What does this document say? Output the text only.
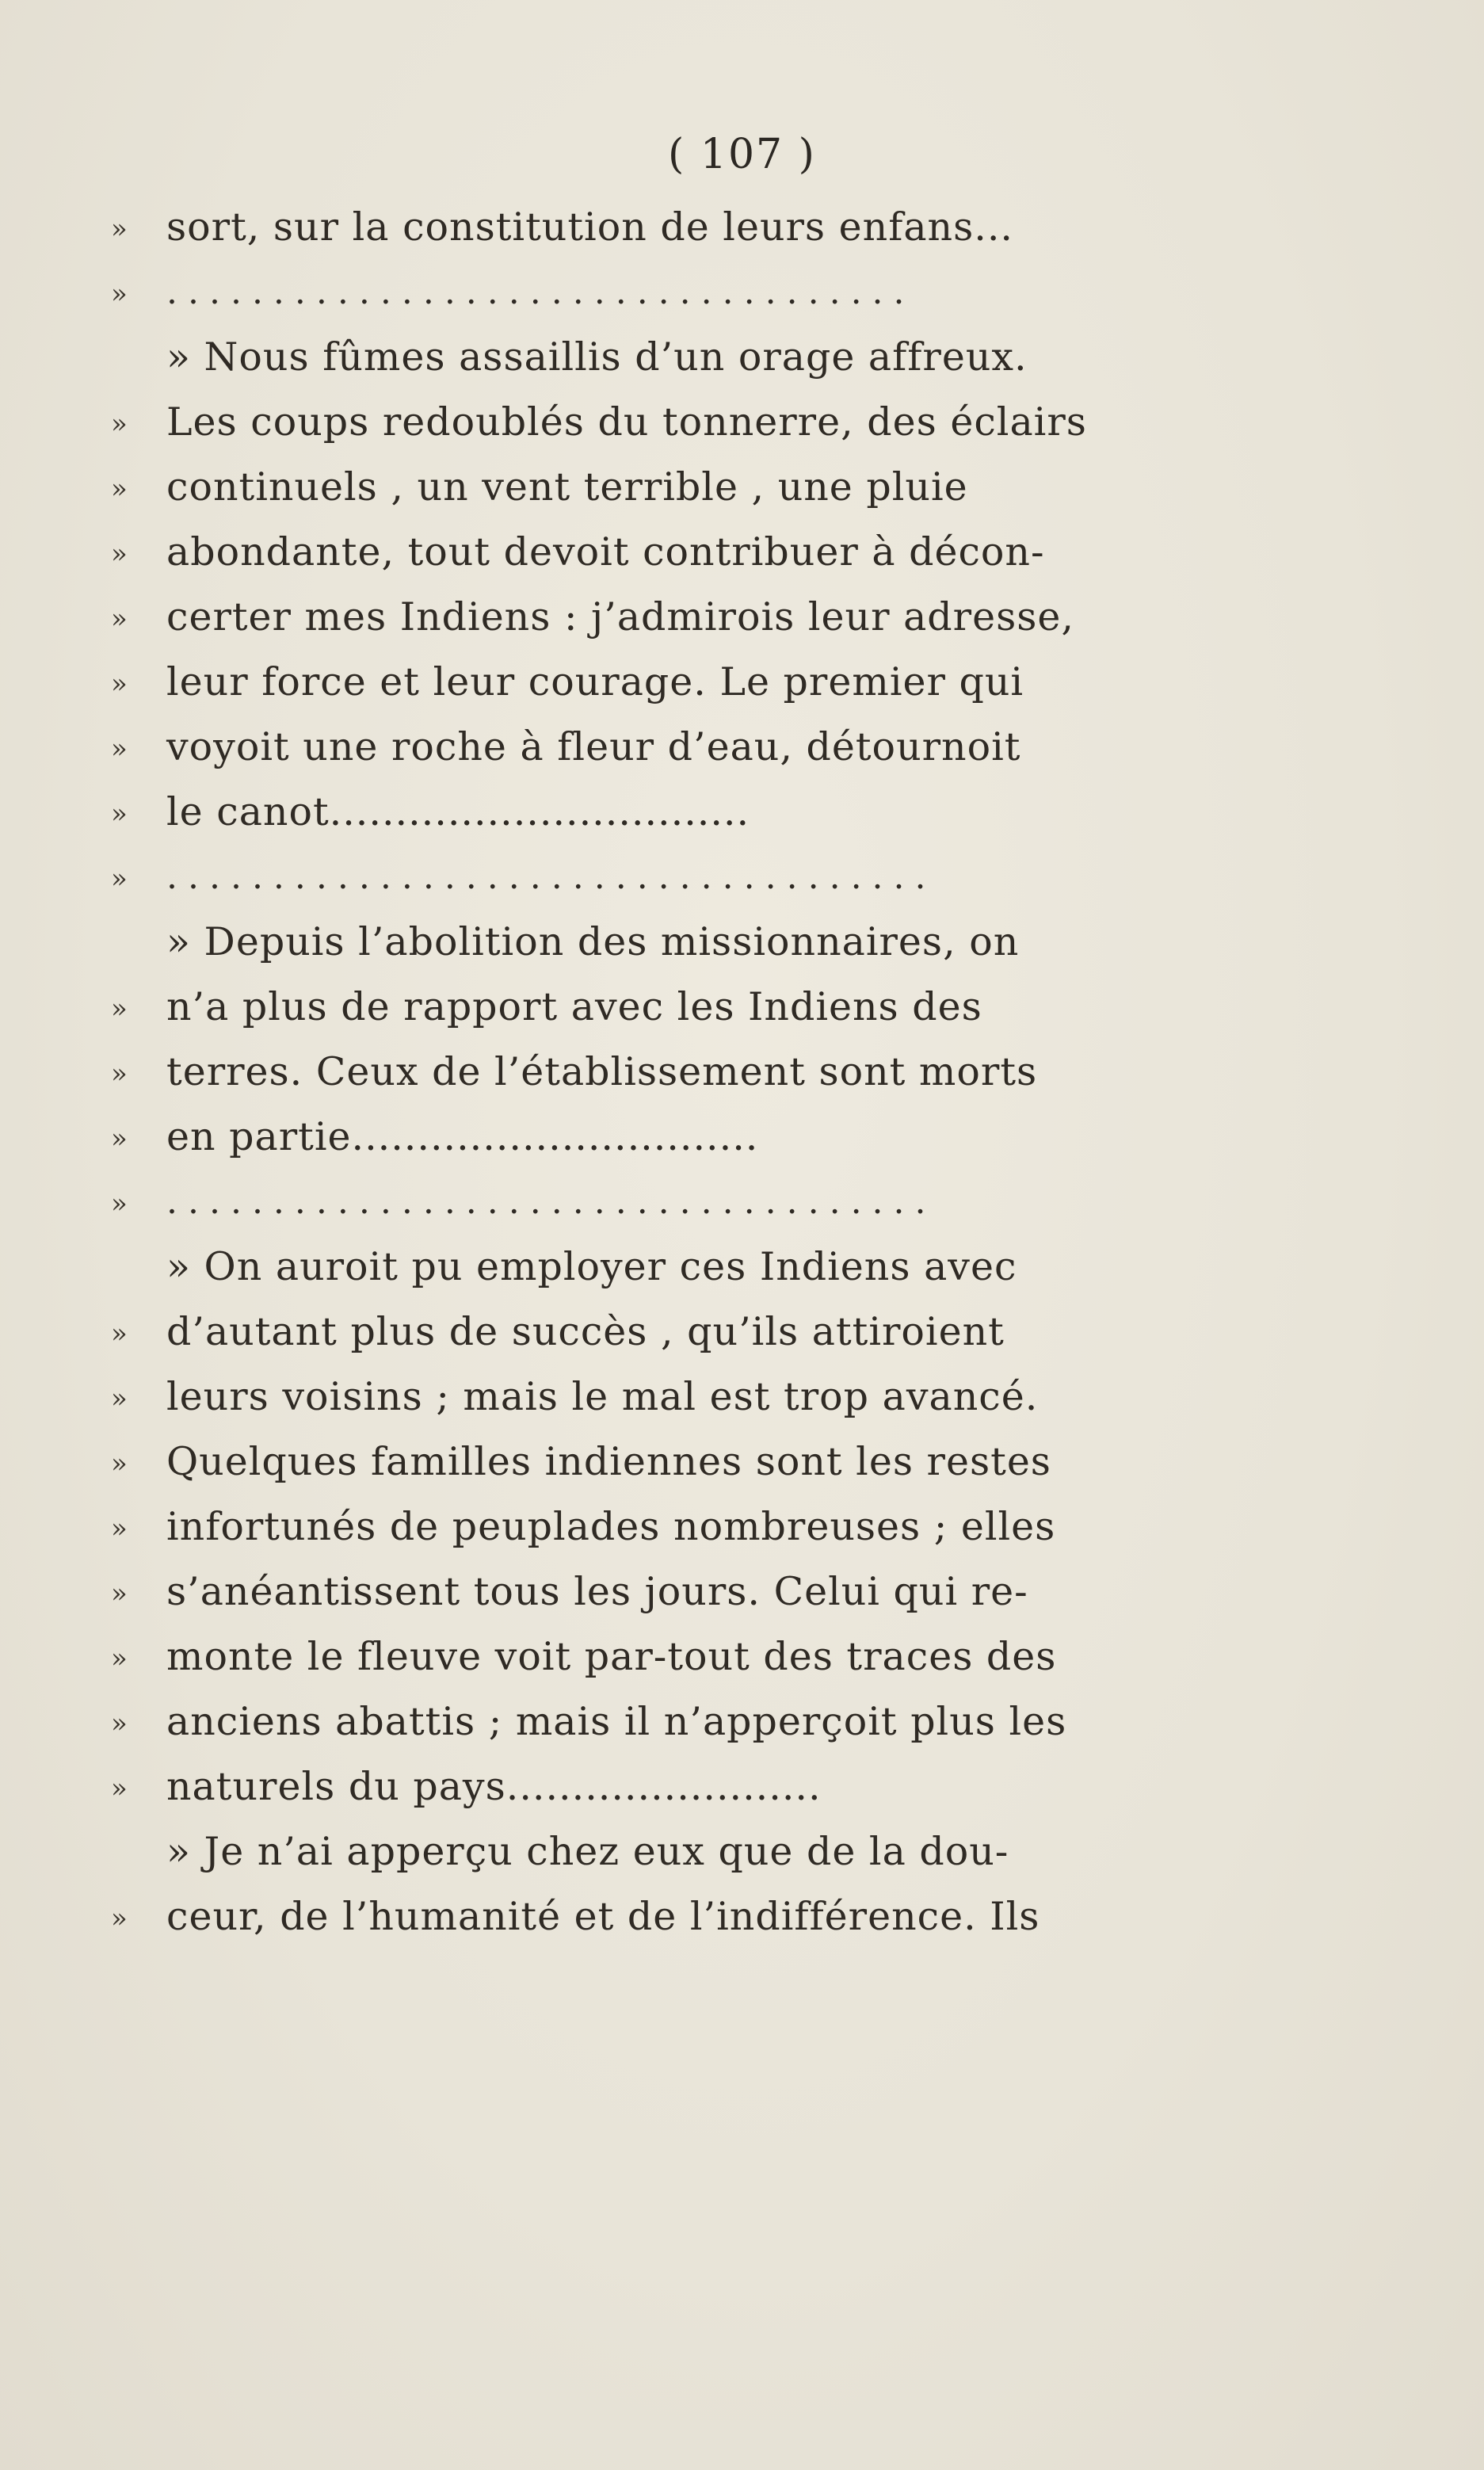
( 107 )
» sort, sur la constitution de leurs enfans...
» ...................................
» Nous fûmes assaillis d’un orage affreux.
» Les coups redoublés du tonnerre, des éclairs
» continuels , un vent terrible , une pluie
» abondante, tout devoit contribuer à décon-
» certer mes Indiens : j’admirois leur adresse,
» leur force et leur courage. Le premier qui
» voyoit une roche à fleur d’eau, détournoit
» le canot................................
» ....................................
» Depuis l’abolition des missionnaires, on
» n’a plus de rapport avec les Indiens des
» terres. Ceux de l’établissement sont morts
» en partie...............................
» ....................................
» On auroit pu employer ces Indiens avec
» d’autant plus de succès , qu’ils attiroient
» leurs voisins ; mais le mal est trop avancé.
» Quelques familles indiennes sont les restes
» infortunés de peuplades nombreuses ; elles
» s’anéantissent tous les jours. Celui qui re-
» monte le fleuve voit par-tout des traces des
» anciens abattis ; mais il n’apperçoit plus les
» naturels du pays........................
» Je n’ai apperçu chez eux que de la dou-
» ceur, de l’humanité et de l’indifférence. Ils
